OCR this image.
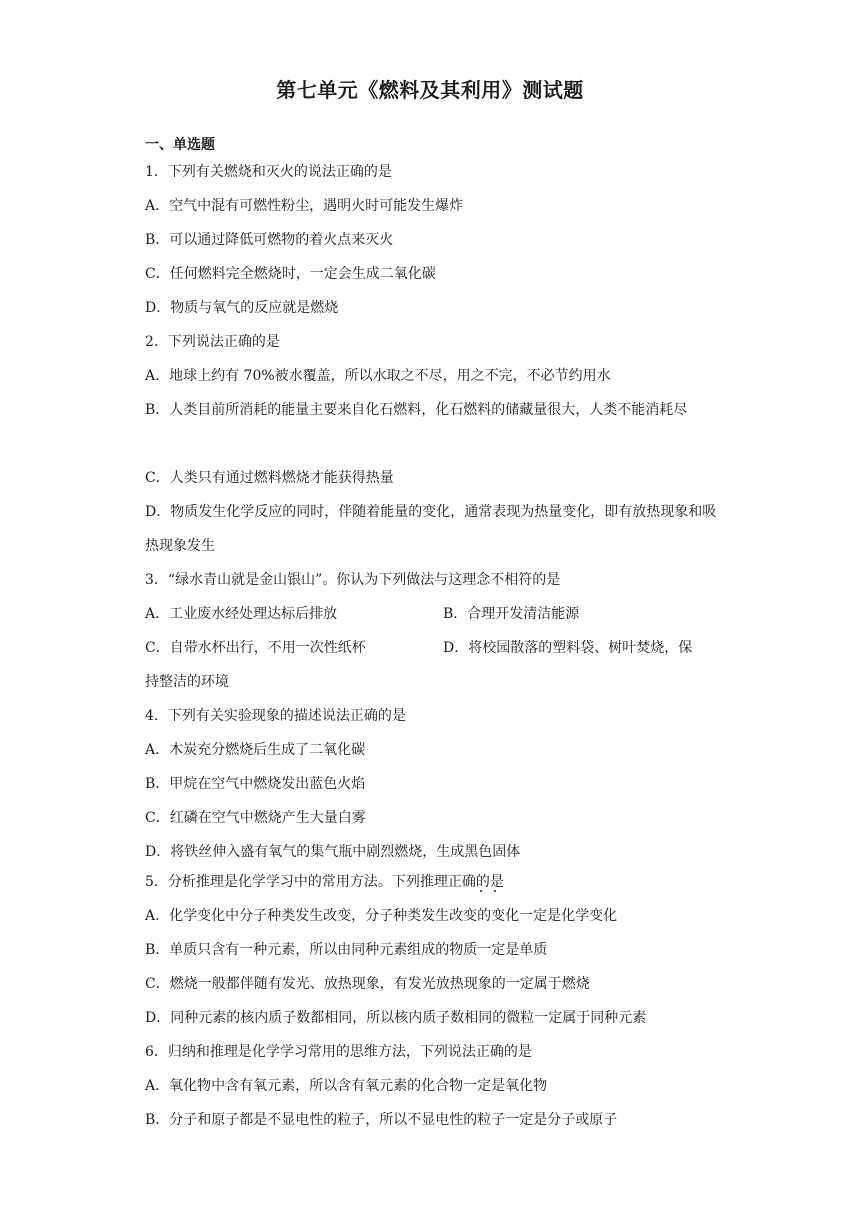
第七单元《燃料及其利用》测试题
一、单选题
1．下列有关燃烧和灭火的说法正确的是
A．空气中混有可燃性粉尘，遇明火时可能发生爆炸
B．可以通过降低可燃物的着火点来灭火
C．任何燃料完全燃烧时，一定会生成二氧化碳
D．物质与氧气的反应就是燃烧
2．下列说法正确的是
A．地球上约有 70%被水覆盖，所以水取之不尽，用之不完，不必节约用水
B．人类目前所消耗的能量主要来自化石燃料，化石燃料的储藏量很大，人类不能消耗尽
C．人类只有通过燃料燃烧才能获得热量
D．物质发生化学反应的同时，伴随着能量的变化，通常表现为热量变化，即有放热现象和吸热现象发生
3．“绿水青山就是金山银山”。你认为下列做法与这理念不相符的是
A．工业废水经处理达标后排放	B．合理开发清洁能源
C．自带水杯出行，不用一次性纸杯	D．将校园散落的塑料袋、树叶焚烧，保
持整洁的环境
4．下列有关实验现象的描述说法正确的是
A．木炭充分燃烧后生成了二氧化碳
B．甲烷在空气中燃烧发出蓝色火焰
C．红磷在空气中燃烧产生大量白雾
D．将铁丝伸入盛有氧气的集气瓶中剧烈燃烧，生成黑色固体
5．分析推理是化学学习中的常用方法。下列推理正确的是
A．化学变化中分子种类发生改变，分子种类发生改变的变化一定是化学变化
B．单质只含有一种元素，所以由同种元素组成的物质一定是单质
C．燃烧一般都伴随有发光、放热现象，有发光放热现象的一定属于燃烧
D．同种元素的核内质子数都相同，所以核内质子数相同的微粒一定属于同种元素
6．归纳和推理是化学学习常用的思维方法，下列说法正确的是
A．氧化物中含有氧元素，所以含有氧元素的化合物一定是氧化物
B．分子和原子都是不显电性的粒子，所以不显电性的粒子一定是分子或原子
